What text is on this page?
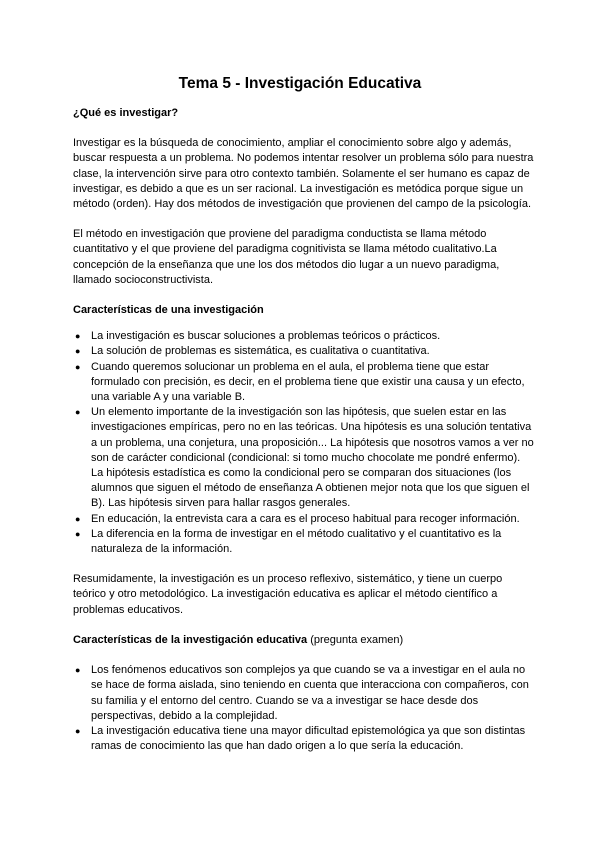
Tema 5 - Investigación Educativa
¿Qué es investigar?

Investigar es la búsqueda de conocimiento, ampliar el conocimiento sobre algo y además, buscar respuesta a un problema. No podemos intentar resolver un problema sólo para nuestra clase, la intervención sirve para otro contexto también. Solamente el ser humano es capaz de investigar, es debido a que es un ser racional. La investigación es metódica porque sigue un método (orden). Hay dos métodos de investigación que provienen del campo de la psicología.

El método en investigación que proviene del paradigma conductista se llama método cuantitativo y el que proviene del paradigma cognitivista se llama método cualitativo.La concepción de la enseñanza que une los dos métodos dio lugar a un nuevo paradigma, llamado socioconstructivista.

Características de una investigación
● La investigación es buscar soluciones a problemas teóricos o prácticos.
● La solución de problemas es sistemática, es cualitativa o cuantitativa.
● Cuando queremos solucionar un problema en el aula, el problema tiene que estar formulado con precisión, es decir, en el problema tiene que existir una causa y un efecto, una variable A y una variable B.
● Un elemento importante de la investigación son las hipótesis, que suelen estar en las investigaciones empíricas, pero no en las teóricas. Una hipótesis es una solución tentativa a un problema, una conjetura, una proposición... La hipótesis que nosotros vamos a ver no son de carácter condicional (condicional: si tomo mucho chocolate me pondré enfermo). La hipótesis estadística es como la condicional pero se comparan dos situaciones (los alumnos que siguen el método de enseñanza A obtienen mejor nota que los que siguen el B). Las hipótesis sirven para hallar rasgos generales.
● En educación, la entrevista cara a cara es el proceso habitual para recoger información.
● La diferencia en la forma de investigar en el método cualitativo y el cuantitativo es la naturaleza de la información.

Resumidamente, la investigación es un proceso reflexivo, sistemático, y tiene un cuerpo teórico y otro metodológico. La investigación educativa es aplicar el método científico a problemas educativos.

Características de la investigación educativa (pregunta examen)
● Los fenómenos educativos son complejos ya que cuando se va a investigar en el aula no se hace de forma aislada, sino teniendo en cuenta que interacciona con compañeros, con su familia y el entorno del centro. Cuando se va a investigar se hace desde dos perspectivas, debido a la complejidad.
● La investigación educativa tiene una mayor dificultad epistemológica ya que son distintas ramas de conocimiento las que han dado origen a lo que sería la educación.
